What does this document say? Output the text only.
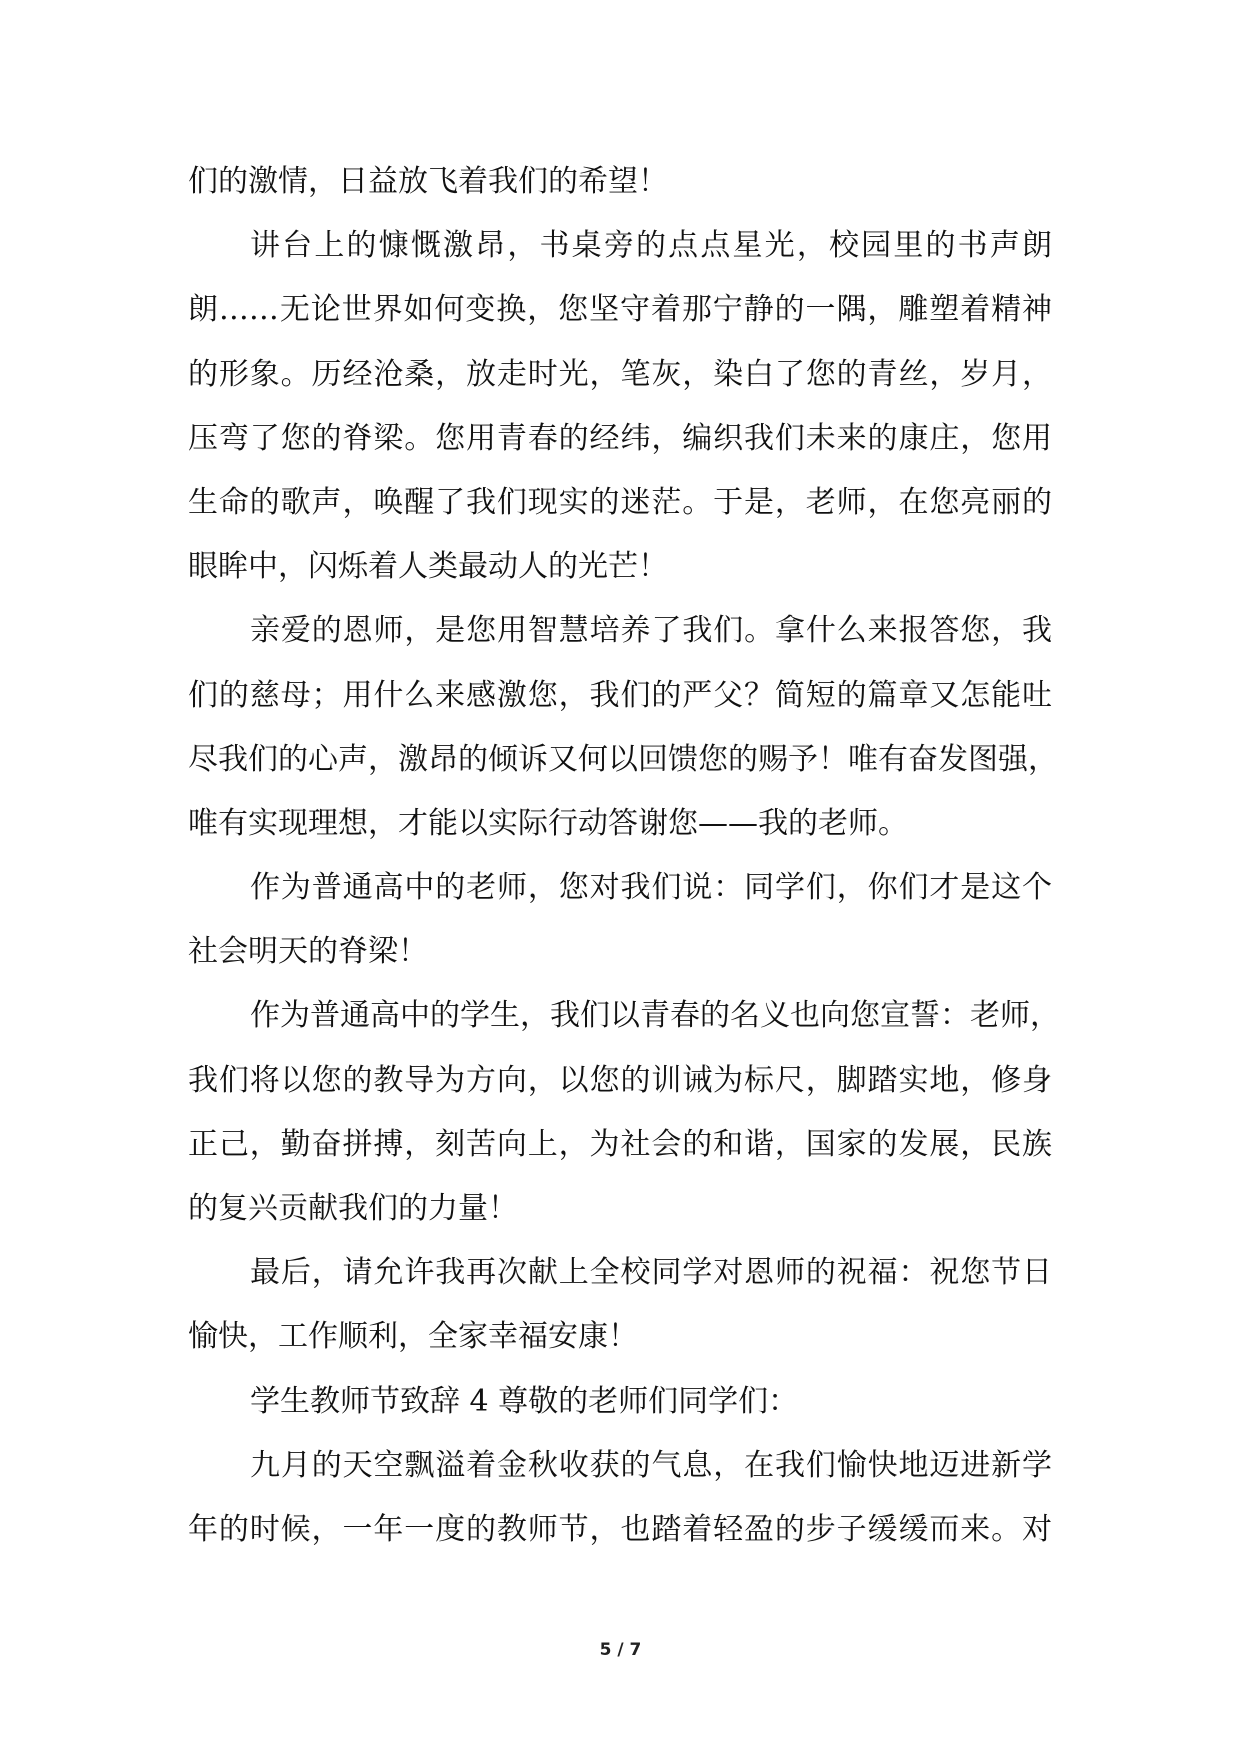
们的激情，日益放飞着我们的希望！
讲台上的慷慨激昂，书桌旁的点点星光，校园里的书声朗
朗……无论世界如何变换，您坚守着那宁静的一隅，雕塑着精神
的形象。历经沧桑，放走时光，笔灰，染白了您的青丝，岁月，
压弯了您的脊梁。您用青春的经纬，编织我们未来的康庄，您用
生命的歌声，唤醒了我们现实的迷茫。于是，老师，在您亮丽的
眼眸中，闪烁着人类最动人的光芒！
亲爱的恩师，是您用智慧培养了我们。拿什么来报答您，我
们的慈母；用什么来感激您，我们的严父？简短的篇章又怎能吐
尽我们的心声，激昂的倾诉又何以回馈您的赐予！唯有奋发图强，
唯有实现理想，才能以实际行动答谢您——我的老师。
作为普通高中的老师，您对我们说：同学们，你们才是这个
社会明天的脊梁！
作为普通高中的学生，我们以青春的名义也向您宣誓：老师，
我们将以您的教导为方向，以您的训诫为标尺，脚踏实地，修身
正己，勤奋拼搏，刻苦向上，为社会的和谐，国家的发展，民族
的复兴贡献我们的力量！
最后，请允许我再次献上全校同学对恩师的祝福：祝您节日
愉快，工作顺利，全家幸福安康！
学生教师节致辞 4 尊敬的老师们同学们：
九月的天空飘溢着金秋收获的气息，在我们愉快地迈进新学
年的时候，一年一度的教师节，也踏着轻盈的步子缓缓而来。对
5 / 7
